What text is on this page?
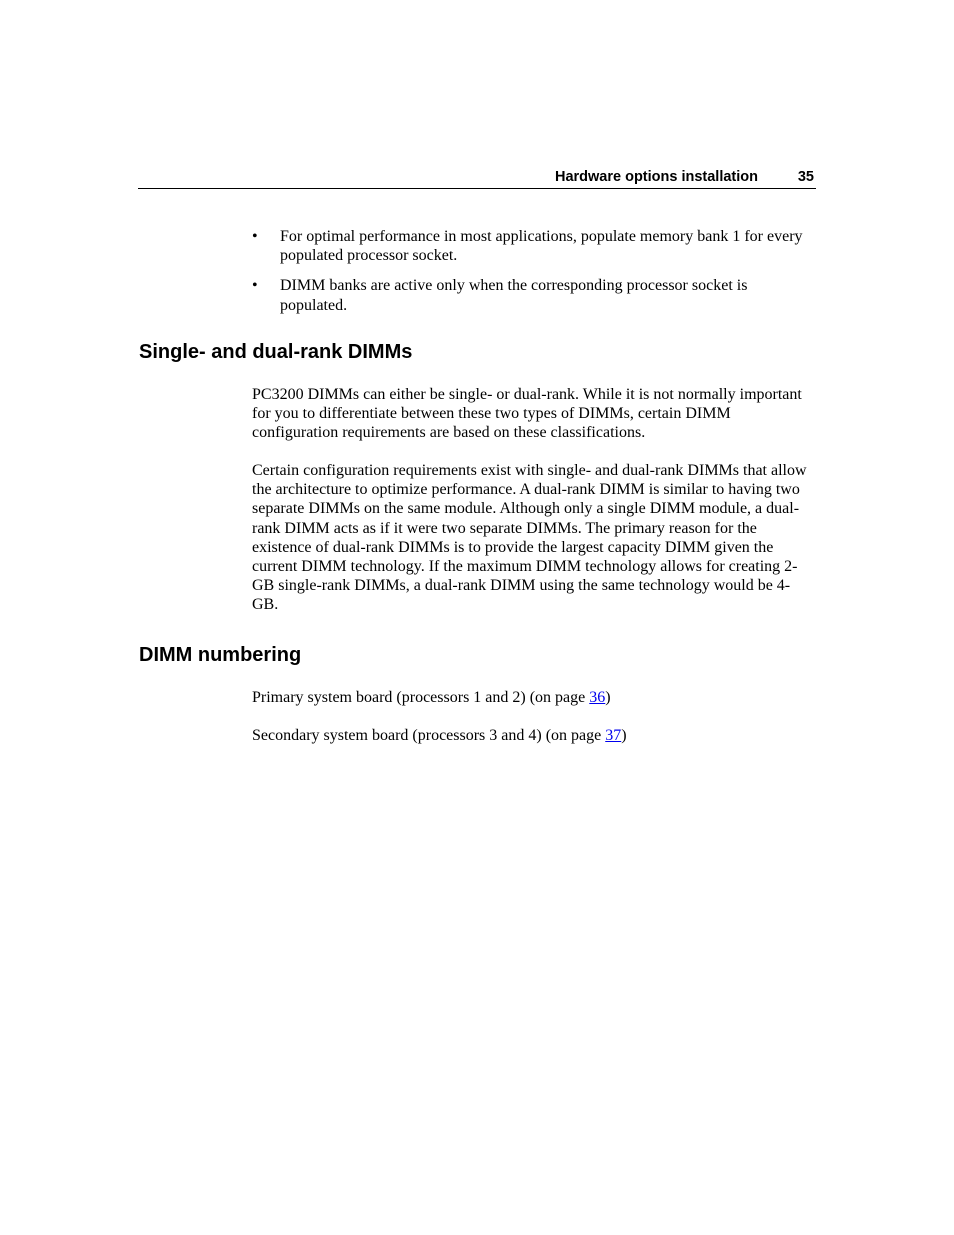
Hardware options installation	35
• For optimal performance in most applications, populate memory bank 1 for every populated processor socket.
• DIMM banks are active only when the corresponding processor socket is populated.
Single- and dual-rank DIMMs

PC3200 DIMMs can either be single- or dual-rank. While it is not normally important for you to differentiate between these two types of DIMMs, certain DIMM configuration requirements are based on these classifications.

Certain configuration requirements exist with single- and dual-rank DIMMs that allow the architecture to optimize performance. A dual-rank DIMM is similar to having two separate DIMMs on the same module. Although only a single DIMM module, a dual-rank DIMM acts as if it were two separate DIMMs. The primary reason for the existence of dual-rank DIMMs is to provide the largest capacity DIMM given the current DIMM technology. If the maximum DIMM technology allows for creating 2-GB single-rank DIMMs, a dual-rank DIMM using the same technology would be 4-GB.

DIMM numbering

Primary system board (processors 1 and 2) (on page 36)

Secondary system board (processors 3 and 4) (on page 37)
